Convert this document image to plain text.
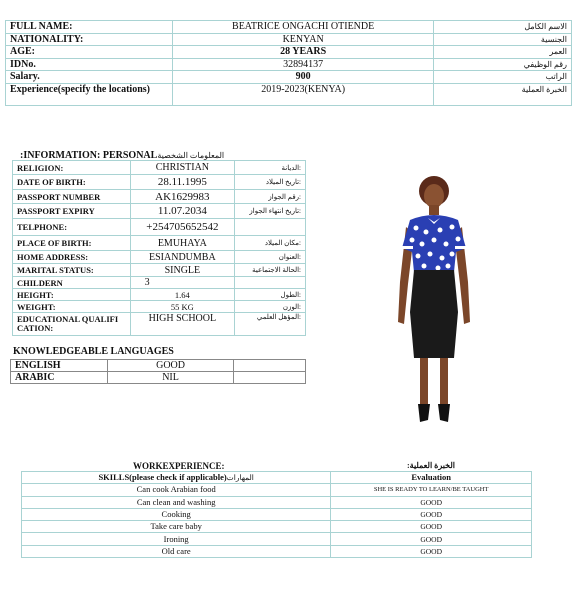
FULL NAME:	BEATRICE ONGACHI OTIENDE	الاسم الكامل
NATIONALITY:	KENYAN	الجنسية
AGE:	28 YEARS	العمر
IDNo.	32894137	رقم الوظيفي
Salary.	900	الراتب
Experience(specify the locations)	2019-2023(KENYA)	الخبرة العملية
:INFORMATION: PERSONALالمعلومات الشخصية
RELIGION:	CHRISTIAN	:الديانة
DATE OF BIRTH:	28.11.1995	:تاريخ الميلاد
PASSPORT NUMBER	AK1629983	:رقم الجواز
PASSPORT EXPIRY	11.07.2034	:تاريخ انتهاء الجواز
TELPHONE:	+254705652542	
PLACE OF BIRTH:	EMUHAYA	:مكان الميلاد
HOME ADDRESS:	ESIANDUMBA	:العنوان
MARITAL STATUS:	SINGLE	:الحالة الاجتماعية
CHILDERN	3	
HEIGHT:	1.64	:الطول
WEIGHT:	55 KG	:الوزن
EDUCATIONAL QUALIFI CATION:	HIGH SCHOOL	:المؤهل العلمي
KNOWLEDGEABLE LANGUAGES
ENGLISH	GOOD	
ARABIC	NIL	
WORKEXPERIENCE:	الخبرة العملية:
SKILLS(please check if applicable)المهارات	Evaluation
Can cook Arabian food	SHE IS READY TO LEARN/BE TAUGHT
Can clean and washing	GOOD
Cooking	GOOD
Take care baby	GOOD
Ironing	GOOD
Old care	GOOD
